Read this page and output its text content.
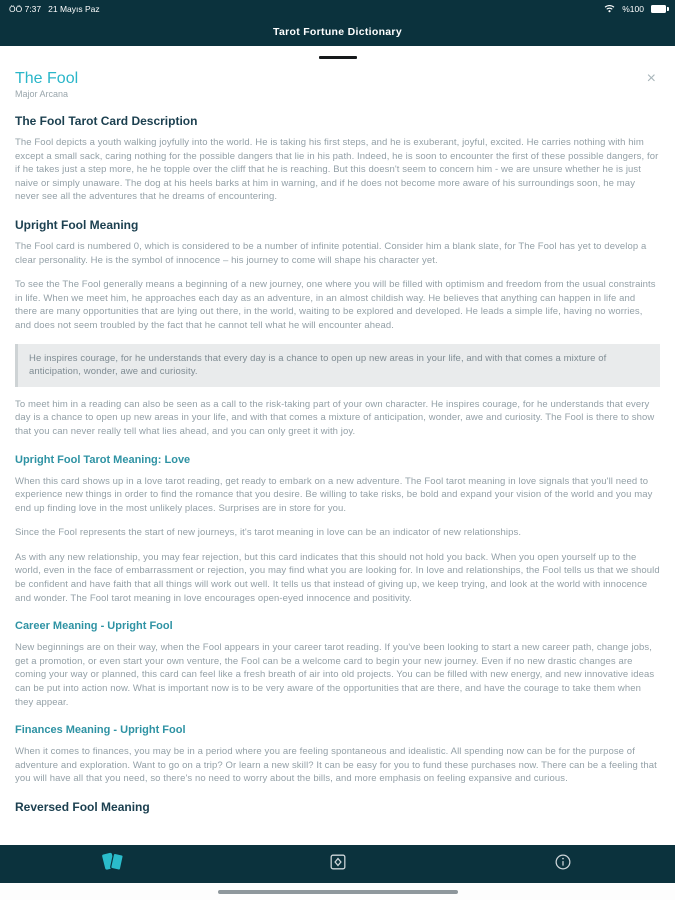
ÖÖ 7:37 21 Mayıs Paz	%100
Tarot Fortune Dictionary
The Fool
Major Arcana
×
The Fool Tarot Card Description

The Fool depicts a youth walking joyfully into the world. He is taking his first steps, and he is exuberant, joyful, excited. He carries nothing with him except a small sack, caring nothing for the possible dangers that lie in his path. Indeed, he is soon to encounter the first of these possible dangers, for if he takes just a step more, he he topple over the cliff that he is reaching. But this doesn't seem to concern him - we are unsure whether he is just naive or simply unaware. The dog at his heels barks at him in warning, and if he does not become more aware of his surroundings soon, he may never see all the adventures that he dreams of encountering.

Upright Fool Meaning

The Fool card is numbered 0, which is considered to be a number of infinite potential. Consider him a blank slate, for The Fool has yet to develop a clear personality. He is the symbol of innocence – his journey to come will shape his character yet.

To see the The Fool generally means a beginning of a new journey, one where you will be filled with optimism and freedom from the usual constraints in life. When we meet him, he approaches each day as an adventure, in an almost childish way. He believes that anything can happen in life and there are many opportunities that are lying out there, in the world, waiting to be explored and developed. He leads a simple life, having no worries, and does not seem troubled by the fact that he cannot tell what he will encounter ahead.

He inspires courage, for he understands that every day is a chance to open up new areas in your life, and with that comes a mixture of anticipation, wonder, awe and curiosity.

To meet him in a reading can also be seen as a call to the risk-taking part of your own character. He inspires courage, for he understands that every day is a chance to open up new areas in your life, and with that comes a mixture of anticipation, wonder, awe and curiosity. The Fool is there to show that you can never really tell what lies ahead, and you can only greet it with joy.

Upright Fool Tarot Meaning: Love

When this card shows up in a love tarot reading, get ready to embark on a new adventure. The Fool tarot meaning in love signals that you'll need to experience new things in order to find the romance that you desire. Be willing to take risks, be bold and expand your vision of the world and you may end up finding love in the most unlikely places. Surprises are in store for you.

Since the Fool represents the start of new journeys, it's tarot meaning in love can be an indicator of new relationships.

As with any new relationship, you may fear rejection, but this card indicates that this should not hold you back. When you open yourself up to the world, even in the face of embarrassment or rejection, you may find what you are looking for. In love and relationships, the Fool tells us that we should be confident and have faith that all things will work out well. It tells us that instead of giving up, we keep trying, and look at the world with innocence and wonder. The Fool tarot meaning in love encourages open-eyed innocence and positivity.

Career Meaning - Upright Fool

New beginnings are on their way, when the Fool appears in your career tarot reading. If you've been looking to start a new career path, change jobs, get a promotion, or even start your own venture, the Fool can be a welcome card to begin your new journey. Even if no new drastic changes are coming your way or planned, this card can feel like a fresh breath of air into old projects. You can be filled with new energy, and new innovative ideas can be put into action now. What is important now is to be very aware of the opportunities that are there, and have the courage to take them when they appear.

Finances Meaning - Upright Fool

When it comes to finances, you may be in a period where you are feeling spontaneous and idealistic. All spending now can be for the purpose of adventure and exploration. Want to go on a trip? Or learn a new skill? It can be easy for you to fund these purchases now. There can be a feeling that you will have all that you need, so there's no need to worry about the bills, and more emphasis on feeling expansive and curious.

Reversed Fool Meaning
